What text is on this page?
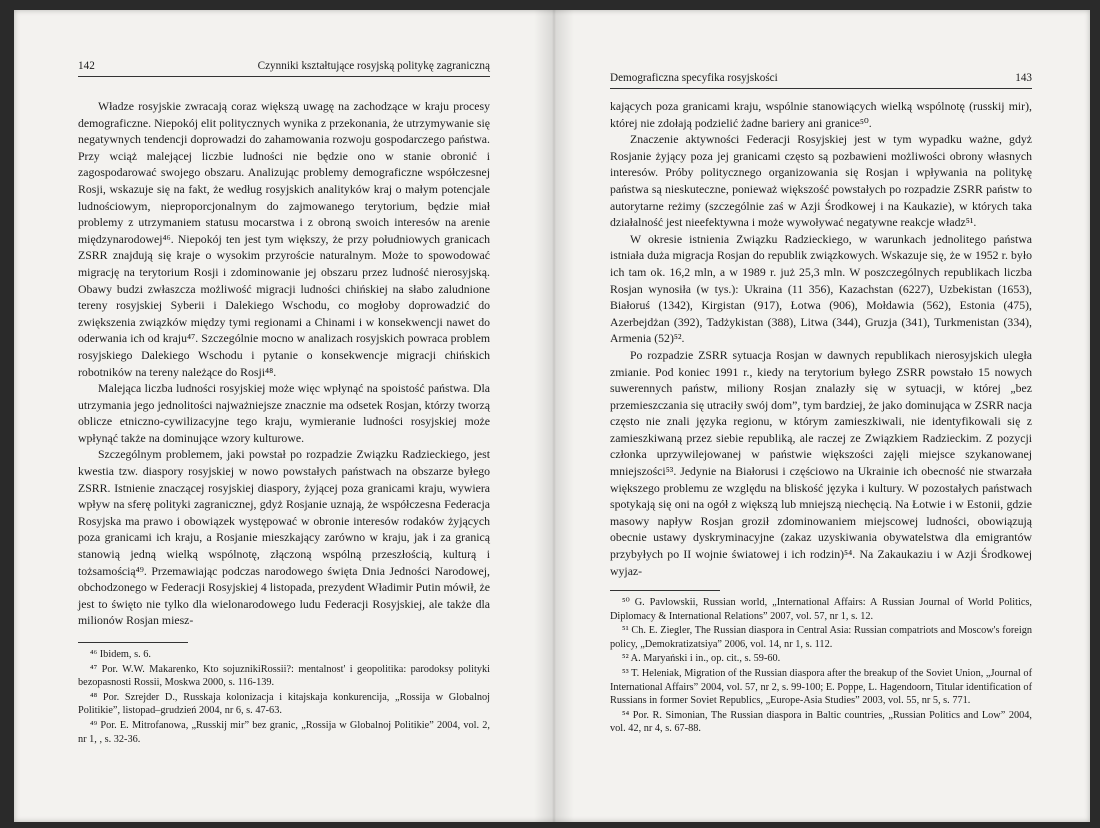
142	Czynniki kształtujące rosyjską politykę zagraniczną

Władze rosyjskie zwracają coraz większą uwagę na zachodzące w kraju procesy demograficzne. Niepokój elit politycznych wynika z przekonania, że utrzymywanie się negatywnych tendencji doprowadzi do zahamowania rozwoju gospodarczego państwa. Przy wciąż malejącej liczbie ludności nie będzie ono w stanie obronić i zagospodarować swojego obszaru. Analizując problemy demograficzne współczesnej Rosji, wskazuje się na fakt, że według rosyjskich analityków kraj o małym potencjale ludnościowym, nieproporcjonalnym do zajmowanego terytorium, będzie miał problemy z utrzymaniem statusu mocarstwa i z obroną swoich interesów na arenie międzynarodowej⁴⁶. Niepokój ten jest tym większy, że przy południowych granicach ZSRR znajdują się kraje o wysokim przyroście naturalnym. Może to spowodować migrację na terytorium Rosji i zdominowanie jej obszaru przez ludność nierosyjską. Obawy budzi zwłaszcza możliwość migracji ludności chińskiej na słabo zaludnione tereny rosyjskiej Syberii i Dalekiego Wschodu, co mogłoby doprowadzić do zwiększenia związków między tymi regionami a Chinami i w konsekwencji nawet do oderwania ich od kraju⁴⁷. Szczególnie mocno w analizach rosyjskich powraca problem rosyjskiego Dalekiego Wschodu i pytanie o konsekwencje migracji chińskich robotników na tereny należące do Rosji⁴⁸.

Malejąca liczba ludności rosyjskiej może więc wpłynąć na spoistość państwa. Dla utrzymania jego jednolitości najważniejsze znacznie ma odsetek Rosjan, którzy tworzą oblicze etniczno-cywilizacyjne tego kraju, wymieranie ludności rosyjskiej może wpłynąć także na dominujące wzory kulturowe.

Szczególnym problemem, jaki powstał po rozpadzie Związku Radzieckiego, jest kwestia tzw. diaspory rosyjskiej w nowo powstałych państwach na obszarze byłego ZSRR. Istnienie znaczącej rosyjskiej diaspory, żyjącej poza granicami kraju, wywiera wpływ na sferę polityki zagranicznej, gdyż Rosjanie uznają, że współczesna Federacja Rosyjska ma prawo i obowiązek występować w obronie interesów rodaków żyjących poza granicami ich kraju, a Rosjanie mieszkający zarówno w kraju, jak i za granicą stanowią jedną wielką wspólnotę, złączoną wspólną przeszłością, kulturą i tożsamością⁴⁹. Przemawiając podczas narodowego święta Dnia Jedności Narodowej, obchodzonego w Federacji Rosyjskiej 4 listopada, prezydent Władimir Putin mówił, że jest to święto nie tylko dla wielonarodowego ludu Federacji Rosyjskiej, ale także dla milionów Rosjan miesz-

⁴⁶ Ibidem, s. 6.

⁴⁷ Por. W.W. Makarenko, Kto sojuznikiRossii?: mentalnost' i geopolitika: parodoksy polityki bezopasnosti Rossii, Moskwa 2000, s. 116-139.

⁴⁸ Por. Szrejder D., Russkaja kolonizacja i kitajskaja konkurencija, „Rossija w Globalnoj Politikie”, listopad–grudzień 2004, nr 6, s. 47-63.

⁴⁹ Por. E. Mitrofanowa, „Russkij mir” bez granic, „Rossija w Globalnoj Politikie” 2004, vol. 2, nr 1, , s. 32-36.

Demograficzna specyfika rosyjskości	143

kających poza granicami kraju, wspólnie stanowiących wielką wspólnotę (russkij mir), której nie zdołają podzielić żadne bariery ani granice⁵⁰.

Znaczenie aktywności Federacji Rosyjskiej jest w tym wypadku ważne, gdyż Rosjanie żyjący poza jej granicami często są pozbawieni możliwości obrony własnych interesów. Próby politycznego organizowania się Rosjan i wpływania na politykę państwa są nieskuteczne, ponieważ większość powstałych po rozpadzie ZSRR państw to autorytarne reżimy (szczególnie zaś w Azji Środkowej i na Kaukazie), w których taka działalność jest nieefektywna i może wywoływać negatywne reakcje władz⁵¹.

W okresie istnienia Związku Radzieckiego, w warunkach jednolitego państwa istniała duża migracja Rosjan do republik związkowych. Wskazuje się, że w 1952 r. było ich tam ok. 16,2 mln, a w 1989 r. już 25,3 mln. W poszczególnych republikach liczba Rosjan wynosiła (w tys.): Ukraina (11 356), Kazachstan (6227), Uzbekistan (1653), Białoruś (1342), Kirgistan (917), Łotwa (906), Mołdawia (562), Estonia (475), Azerbejdżan (392), Tadżykistan (388), Litwa (344), Gruzja (341), Turkmenistan (334), Armenia (52)⁵².

Po rozpadzie ZSRR sytuacja Rosjan w dawnych republikach nierosyjskich uległa zmianie. Pod koniec 1991 r., kiedy na terytorium byłego ZSRR powstało 15 nowych suwerennych państw, miliony Rosjan znalazły się w sytuacji, w której „bez przemieszczania się utraciły swój dom”, tym bardziej, że jako dominująca w ZSRR nacja często nie znali języka regionu, w którym zamieszkiwali, nie identyfikowali się z zamieszkiwaną przez siebie republiką, ale raczej ze Związkiem Radzieckim. Z pozycji członka uprzywilejowanej w państwie większości zajęli miejsce szykanowanej mniejszości⁵³. Jedynie na Białorusi i częściowo na Ukrainie ich obecność nie stwarzała większego problemu ze względu na bliskość języka i kultury. W pozostałych państwach spotykają się oni na ogół z większą lub mniejszą niechęcią. Na Łotwie i w Estonii, gdzie masowy napływ Rosjan groził zdominowaniem miejscowej ludności, obowiązują obecnie ustawy dyskryminacyjne (zakaz uzyskiwania obywatelstwa dla emigrantów przybyłych po II wojnie światowej i ich rodzin)⁵⁴. Na Zakaukaziu i w Azji Środkowej wyjaz-

⁵⁰ G. Pavlowskii, Russian world, „International Affairs: A Russian Journal of World Politics, Diplomacy & International Relations” 2007, vol. 57, nr 1, s. 12.

⁵¹ Ch. E. Ziegler, The Russian diaspora in Central Asia: Russian compatriots and Moscow's foreign policy, „Demokratizatsiya” 2006, vol. 14, nr 1, s. 112.

⁵² A. Maryański i in., op. cit., s. 59-60.

⁵³ T. Heleniak, Migration of the Russian diaspora after the breakup of the Soviet Union, „Journal of International Affairs” 2004, vol. 57, nr 2, s. 99-100; E. Poppe, L. Hagendoorn, Titular identification of Russians in former Soviet Republics, „Europe-Asia Studies” 2003, vol. 55, nr 5, s. 771.

⁵⁴ Por. R. Simonian, The Russian diaspora in Baltic countries, „Russian Politics and Low” 2004, vol. 42, nr 4, s. 67-88.
